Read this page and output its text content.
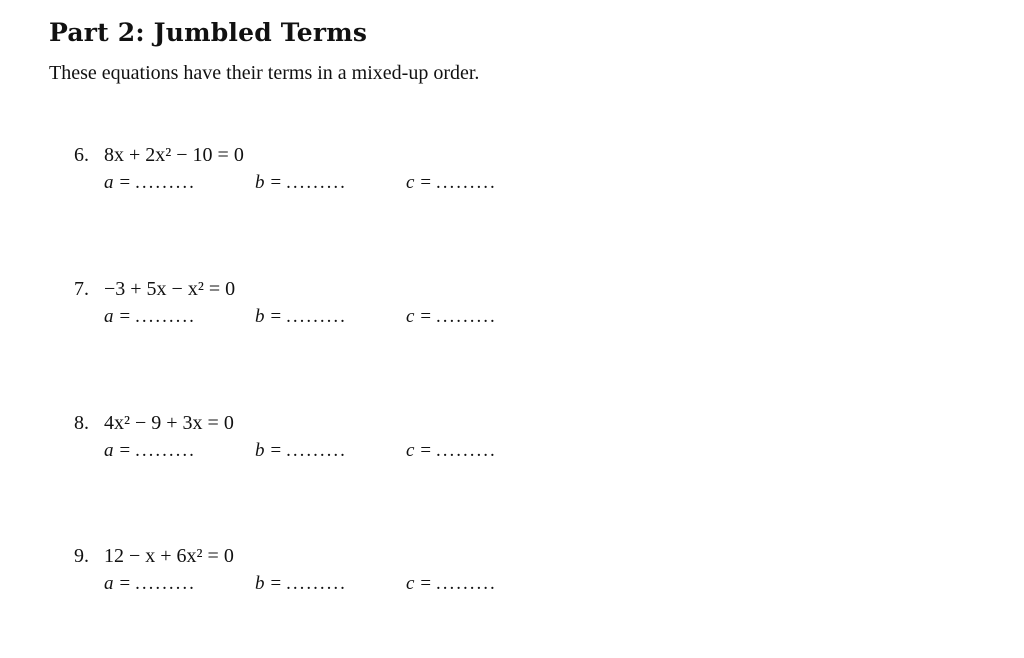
Part 2: Jumbled Terms

These equations have their terms in a mixed-up order.

6. 8x + 2x² − 10 = 0
a = .........	b = .........	c = .........
7. −3 + 5x − x² = 0
a = .........	b = .........	c = .........
8. 4x² − 9 + 3x = 0
a = .........	b = .........	c = .........
9. 12 − x + 6x² = 0
a = .........	b = .........	c = .........
